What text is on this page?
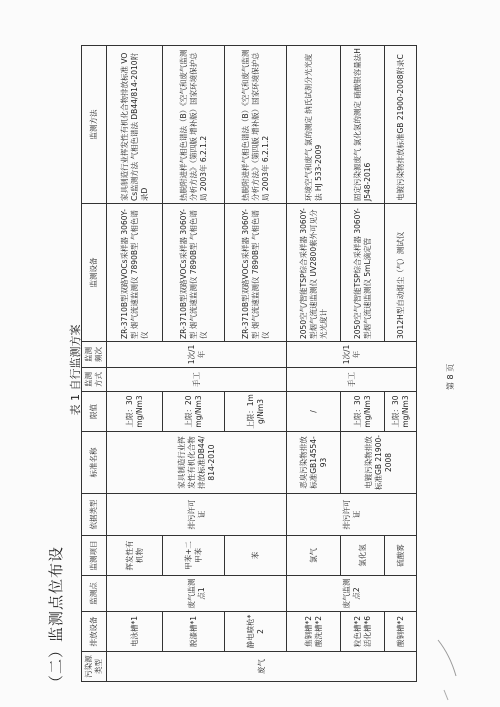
（二）监测点位布设
表 1 自行监测方案
污染源类型	排放设备	监测点	监测项目	依据类型	标准名称	限值	监测方式	监测频次	监测设备	监测方法
废气	电泳槽*1	废气监测点1	挥发性有机物	排污许可证	家具制造行业挥发性有机化合物排放标准DB44/814-2010	上限：30mg/Nm3	手工	1次/1年	ZR-3710B型双路VOCs采样器 3060Y-型 烟气流速监测仪 7890B型 气相色谱仪	家具制造行业挥发性有机化合物排放标准 VOCs监测方法 气相色谱法 DB44/814-2010附录D
	脱漆槽*1		甲苯+二甲苯			上限：20mg/Nm3			ZR-3710B型双路VOCs采样器 3060Y-型 烟气流速监测仪 7890B型 气相色谱仪	热脱附进样气相色谱法（B）《空气和废气监测分析方法》（第四版 增补版）国家环境保护总局 2003年 6.2.1.2
	静电喷枪*2		苯			上限：1mg/Nm3			ZR-3710B型双路VOCs采样器 3060Y-型 烟气流速监测仪 7890B型 气相色谱仪	热脱附进样气相色谱法（B）《空气和废气监测分析方法》（第四版 增补版）国家环境保护总局 2003年 6.2.1.2
	焦铜槽*2 酸洗槽*2	废气监测点2	氯气	排污许可证	恶臭污染物排放标准GB14554-93	/	手工	1次/1年	2050空气/智能TSP综合采样器 3060Y-型烟气流速监测仪 UV2800紫外可见分光光度计	环境空气和废气 氯的测定 纳氏试剂分光光度法 HJ 533-2009
	粒色槽*2 活化槽*6		氯化氢		电镀污染物排放标准GB 21900-2008	上限：30mg/Nm3			2050空气/智能TSP综合采样器 3060Y-型烟气流速监测仪 5mL滴定管	固定污染源废气 氯化氢的测定 硝酸银容量法HJ548-2016
	酸铜槽*2		硫酸雾			上限：30mg/Nm3			3012H型自动烟尘（气）测试仪	电镀污染物排放标准GB 21900-2008附录C
第 8 页
